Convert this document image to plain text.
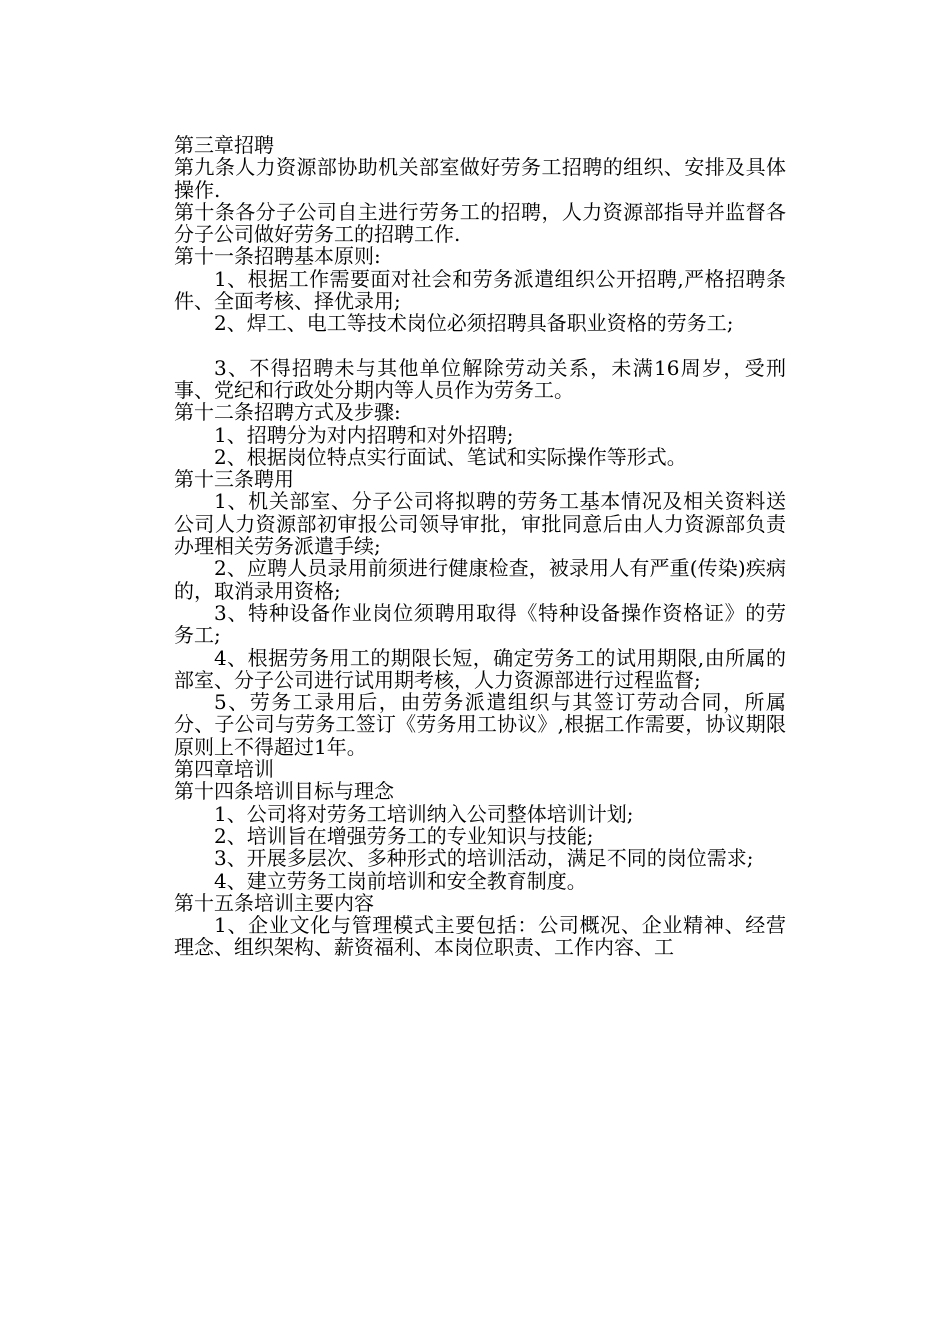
第三章招聘

第九条人力资源部协助机关部室做好劳务工招聘的组织、安排及具体操作.

第十条各分子公司自主进行劳务工的招聘，人力资源部指导并监督各分子公司做好劳务工的招聘工作.

第十一条招聘基本原则:

1、根据工作需要面对社会和劳务派遣组织公开招聘,严格招聘条件、全面考核、择优录用;

2、焊工、电工等技术岗位必须招聘具备职业资格的劳务工;

3、不得招聘未与其他单位解除劳动关系，未满16周岁，受刑事、党纪和行政处分期内等人员作为劳务工。

第十二条招聘方式及步骤:

1、招聘分为对内招聘和对外招聘;

2、根据岗位特点实行面试、笔试和实际操作等形式。

第十三条聘用

1、机关部室、分子公司将拟聘的劳务工基本情况及相关资料送公司人力资源部初审报公司领导审批，审批同意后由人力资源部负责办理相关劳务派遣手续;

2、应聘人员录用前须进行健康检查，被录用人有严重(传染)疾病的，取消录用资格;

3、特种设备作业岗位须聘用取得《特种设备操作资格证》的劳务工;

4、根据劳务用工的期限长短，确定劳务工的试用期限,由所属的部室、分子公司进行试用期考核，人力资源部进行过程监督;

5、劳务工录用后，由劳务派遣组织与其签订劳动合同，所属分、子公司与劳务工签订《劳务用工协议》,根据工作需要，协议期限原则上不得超过1年。

第四章培训

第十四条培训目标与理念

1、公司将对劳务工培训纳入公司整体培训计划;

2、培训旨在增强劳务工的专业知识与技能;

3、开展多层次、多种形式的培训活动，满足不同的岗位需求;

4、建立劳务工岗前培训和安全教育制度。

第十五条培训主要内容

1、企业文化与管理模式主要包括：公司概况、企业精神、经营理念、组织架构、薪资福利、本岗位职责、工作内容、工
